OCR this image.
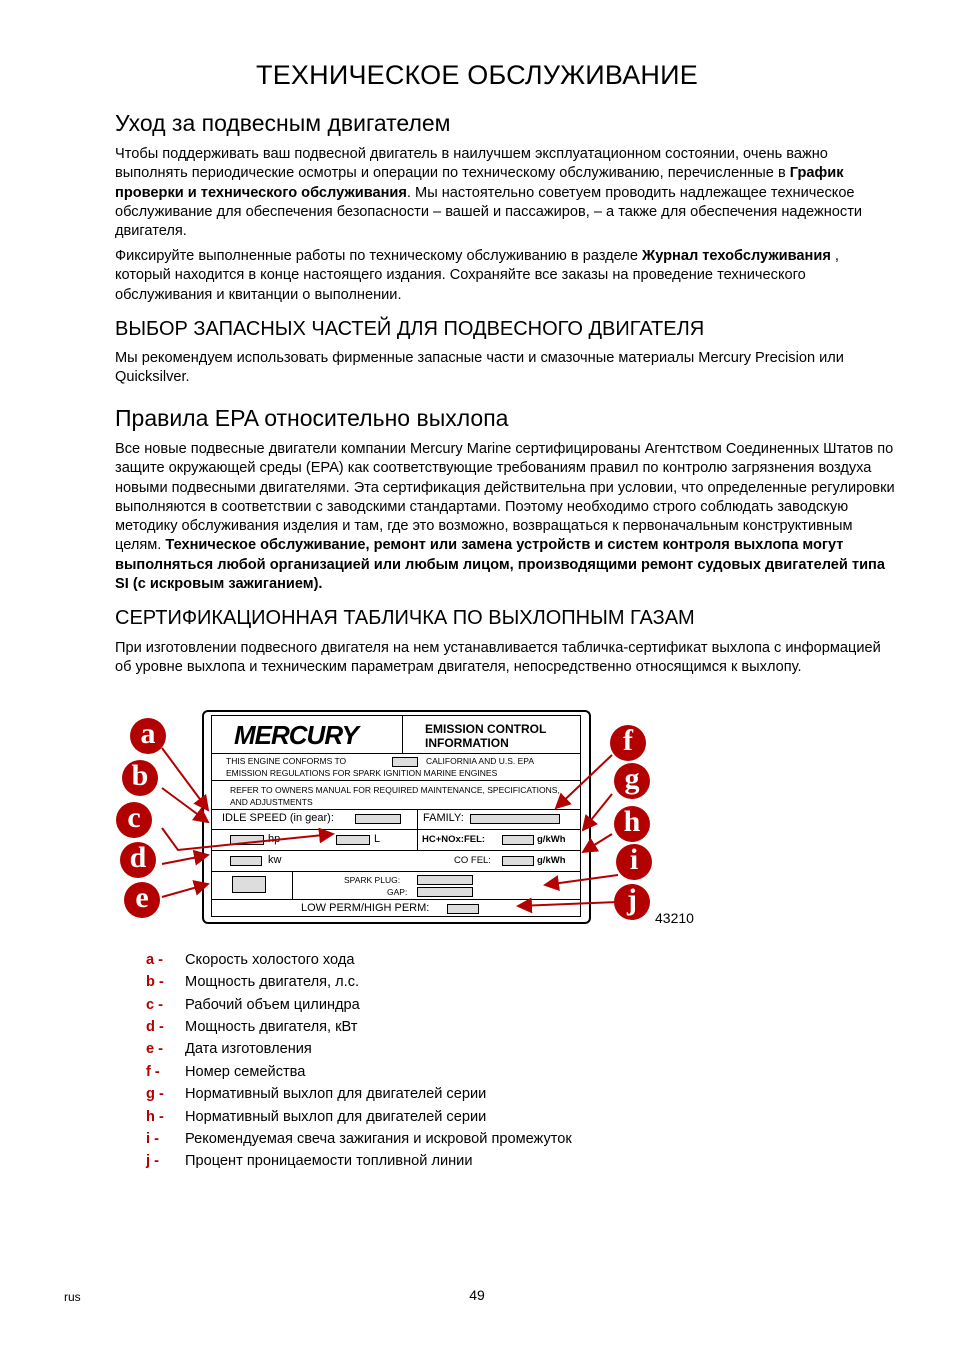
ТЕХНИЧЕСКОЕ ОБСЛУЖИВАНИЕ
Уход за подвесным двигателем

Чтобы поддерживать ваш подвесной двигатель в наилучшем эксплуатационном состоянии, очень важно выполнять периодические осмотры и операции по техническому обслуживанию, перечисленные в График проверки и технического обслуживания. Мы настоятельно советуем проводить надлежащее техническое обслуживание для обеспечения безопасности – вашей и пассажиров, – а также для обеспечения надежности двигателя.

Фиксируйте выполненные работы по техническому обслуживанию в разделе Журнал техобслуживания , который находится в конце настоящего издания. Сохраняйте все заказы на проведение технического обслуживания и квитанции о выполнении.

ВЫБОР ЗАПАСНЫХ ЧАСТЕЙ ДЛЯ ПОДВЕСНОГО ДВИГАТЕЛЯ

Мы рекомендуем использовать фирменные запасные части и смазочные материалы Mercury Precision или Quicksilver.

Правила EPA относительно выхлопа

Все новые подвесные двигатели компании Mercury Marine сертифицированы Агентством Соединенных Штатов по защите окружающей среды (EPA) как соответствующие требованиям правил по контролю загрязнения воздуха новыми подвесными двигателями. Эта сертификация действительна при условии, что определенные регулировки выполняются в соответствии с заводскими стандартами. Поэтому необходимо строго соблюдать заводскую методику обслуживания изделия и там, где это возможно, возвращаться к первоначальным конструктивным целям. Техническое обслуживание, ремонт или замена устройств и систем контроля выхлопа могут выполняться любой организацией или любым лицом, производящими ремонт судовых двигателей типа SI (с искровым зажиганием).

СЕРТИФИКАЦИОННАЯ ТАБЛИЧКА ПО ВЫХЛОПНЫМ ГАЗАМ

При изготовлении подвесного двигателя на нем устанавливается табличка-сертификат выхлопа с информацией об уровне выхлопа и техническим параметрам двигателя, непосредственно относящимся к выхлопу.

MERCURY	EMISSION CONTROL INFORMATION
THIS ENGINE CONFORMS TO	CALIFORNIA AND U.S. EPA
EMISSION REGULATIONS FOR SPARK IGNITION MARINE ENGINES
REFER TO OWNERS MANUAL FOR REQUIRED MAINTENANCE, SPECIFICATIONS, AND ADJUSTMENTS
IDLE SPEED (in gear):	FAMILY:
hp	L	HC+NOx:FEL:	g/kWh
kw	CO FEL:	g/kWh
SPARK PLUG:
GAP:
LOW PERM/HIGH PERM:
a
b
c
d
e
f
g
h
i
j
43210
a - Скорость холостого хода
b - Мощность двигателя, л.с.
c - Рабочий объем цилиндра
d - Мощность двигателя, кВт
e - Дата изготовления
f - Номер семейства
g - Нормативный выхлоп для двигателей серии
h - Нормативный выхлоп для двигателей серии
i - Рекомендуемая свеча зажигания и искровой промежуток
j - Процент проницаемости топливной линии
rus	49
